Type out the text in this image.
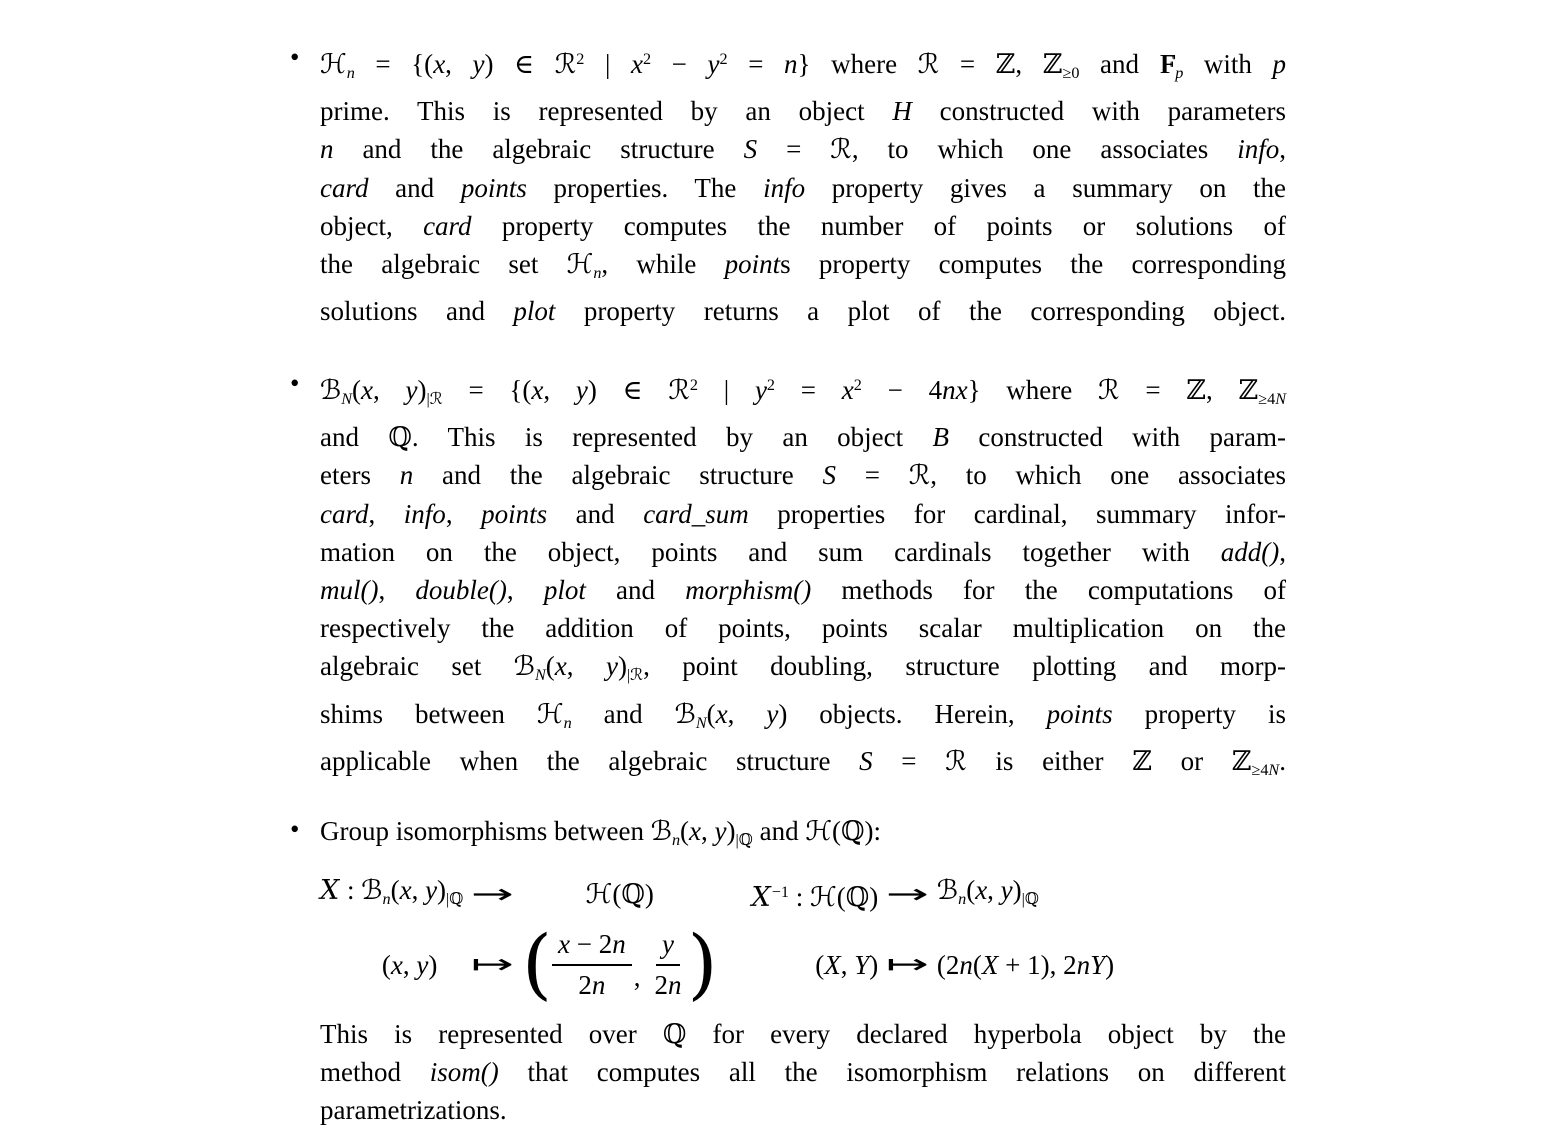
• ℋn = {(x, y) ∈ ℛ$^2$ | $x^2 - y^2 = n$} where ℛ = ℤ, ℤ≥0 and Fp with p
prime. This is represented by an object H constructed with parameters
n and the algebraic structure S = ℛ, to which one associates info,
card and points properties. The info property gives a summary on the
object, card property computes the number of points or solutions of
the algebraic set ℋn, while points property computes the corresponding
solutions and plot property returns a plot of the corresponding object.
• ℬN(x, y)|ℛ = {(x, y) ∈ ℛ$^2$ | $y^2 = x^2 - 4nx$} where ℛ = ℤ, ℤ≥4N
and ℚ. This is represented by an object B constructed with param-
eters n and the algebraic structure S = ℛ, to which one associates
card, info, points and card_sum properties for cardinal, summary infor-
mation on the object, points and sum cardinals together with add(),
mul(), double(), plot and morphism() methods for the computations of
respectively the addition of points, points scalar multiplication on the
algebraic set ℬN(x, y)|ℛ, point doubling, structure plotting and morp-
shims between ℋn and ℬN(x, y) objects. Herein, points property is
applicable when the algebraic structure S = ℛ is either ℤ or ℤ≥4N.
• Group isomorphisms between ℬn(x, y)|ℚ and ℋ(ℚ):
X : ℬn(x, y)|ℚ →	ℋ(ℚ)	$X^{-1}$ : ℋ(ℚ) → ℬn(x, y)|ℚ
(x, y)	↦ ( $\frac{x - 2n}{2n}$ , $\frac{y}{2n}$ )	(X, Y) ↦ (2n(X + 1), 2nY)
This is represented over ℚ for every declared hyperbola object by the
method isom() that computes all the isomorphism relations on different
parametrizations.
